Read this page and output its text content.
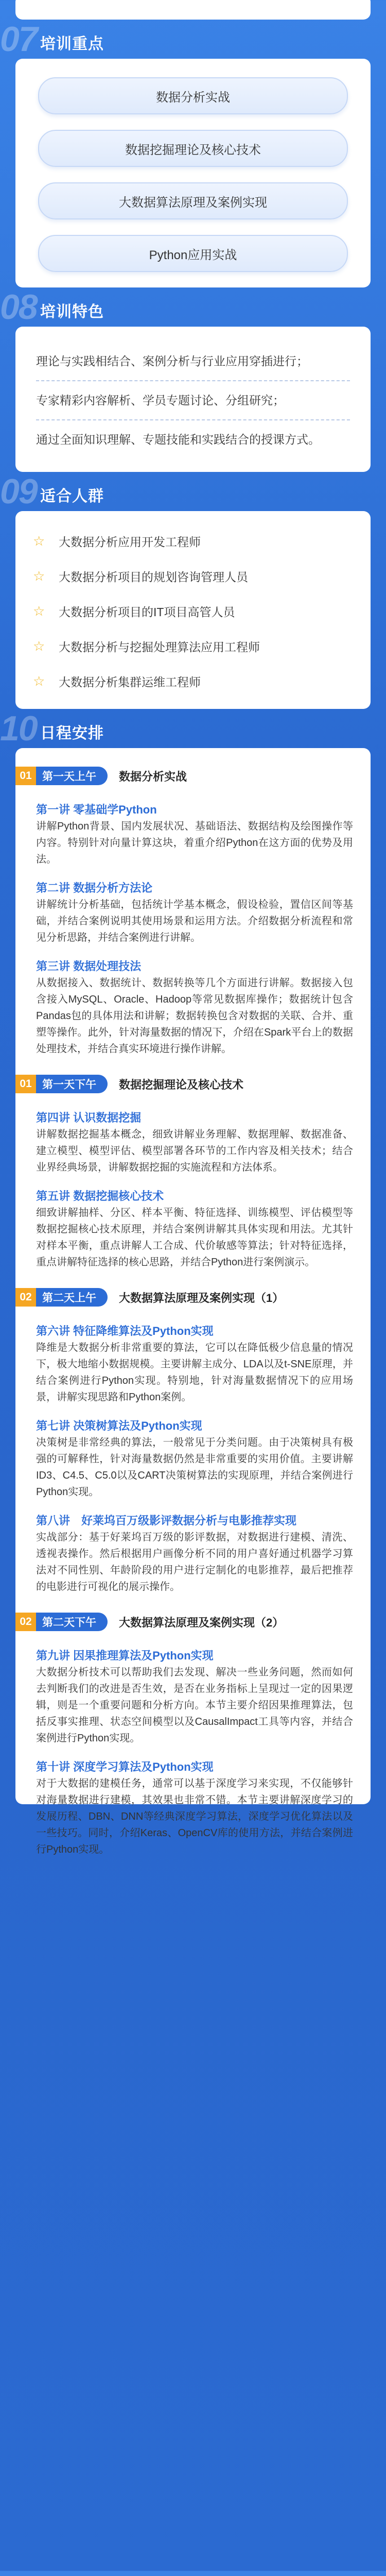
07 培训重点
数据分析实战
数据挖掘理论及核心技术
大数据算法原理及案例实现
Python应用实战
08 培训特色
理论与实践相结合、案例分析与行业应用穿插进行；
专家精彩内容解析、学员专题讨论、分组研究；
通过全面知识理解、专题技能和实践结合的授课方式。
09 适合人群
☆ 大数据分析应用开发工程师
☆ 大数据分析项目的规划咨询管理人员
☆ 大数据分析项目的IT项目高管人员
☆ 大数据分析与挖掘处理算法应用工程师
☆ 大数据分析集群运维工程师
10 日程安排
01 第一天上午 数据分析实战
第一讲 零基础学Python
讲解Python背景、国内发展状况、基础语法、数据结构及绘图操作等内容。特别针对向量计算这块，着重介绍Python在这方面的优势及用法。
第二讲 数据分析方法论
讲解统计分析基础，包括统计学基本概念，假设检验，置信区间等基础，并结合案例说明其使用场景和运用方法。介绍数据分析流程和常见分析思路，并结合案例进行讲解。
第三讲 数据处理技法
从数据接入、数据统计、数据转换等几个方面进行讲解。数据接入包含接入MySQL、Oracle、Hadoop等常见数据库操作；数据统计包含Pandas包的具体用法和讲解；数据转换包含对数据的关联、合并、重塑等操作。此外，针对海量数据的情况下，介绍在Spark平台上的数据处理技术，并结合真实环境进行操作讲解。
01 第一天下午 数据挖掘理论及核心技术
第四讲 认识数据挖掘
讲解数据挖掘基本概念，细致讲解业务理解、数据理解、数据准备、建立模型、模型评估、模型部署各环节的工作内容及相关技术；结合业界经典场景，讲解数据挖掘的实施流程和方法体系。
第五讲 数据挖掘核心技术
细致讲解抽样、分区、样本平衡、特征选择、训练模型、评估模型等数据挖掘核心技术原理，并结合案例讲解其具体实现和用法。尤其针对样本平衡，重点讲解人工合成、代价敏感等算法；针对特征选择，重点讲解特征选择的核心思路，并结合Python进行案例演示。
02 第二天上午 大数据算法原理及案例实现（1）
第六讲 特征降维算法及Python实现
降维是大数据分析非常重要的算法，它可以在降低极少信息量的情况下，极大地缩小数据规模。主要讲解主成分、LDA以及t-SNE原理，并结合案例进行Python实现。特别地，针对海量数据情况下的应用场景，讲解实现思路和Python案例。
第七讲 决策树算法及Python实现
决策树是非常经典的算法，一般常见于分类问题。由于决策树具有极强的可解释性，针对海量数据仍然是非常重要的实用价值。主要讲解ID3、C4.5、C5.0以及CART决策树算法的实现原理，并结合案例进行Python实现。
第八讲　好莱坞百万级影评数据分析与电影推荐实现
实战部分：基于好莱坞百万级的影评数据，对数据进行建模、清洗、透视表操作。然后根据用户画像分析不同的用户喜好通过机器学习算法对不同性别、年龄阶段的用户进行定制化的电影推荐，最后把推荐的电影进行可视化的展示操作。
02 第二天下午 大数据算法原理及案例实现（2）
第九讲 因果推理算法及Python实现
大数据分析技术可以帮助我们去发现、解决一些业务问题，然而如何去判断我们的改进是否生效，是否在业务指标上呈现过一定的因果逻辑，则是一个重要问题和分析方向。本节主要介绍因果推理算法，包括反事实推理、状态空间模型以及CausalImpact工具等内容，并结合案例进行Python实现。
第十讲 深度学习算法及Python实现
对于大数据的建模任务，通常可以基于深度学习来实现，不仅能够针对海量数据进行建模，其效果也非常不错。本节主要讲解深度学习的发展历程、DBN、DNN等经典深度学习算法，深度学习优化算法以及一些技巧。同时，介绍Keras、OpenCV库的使用方法，并结合案例进行Python实现。
